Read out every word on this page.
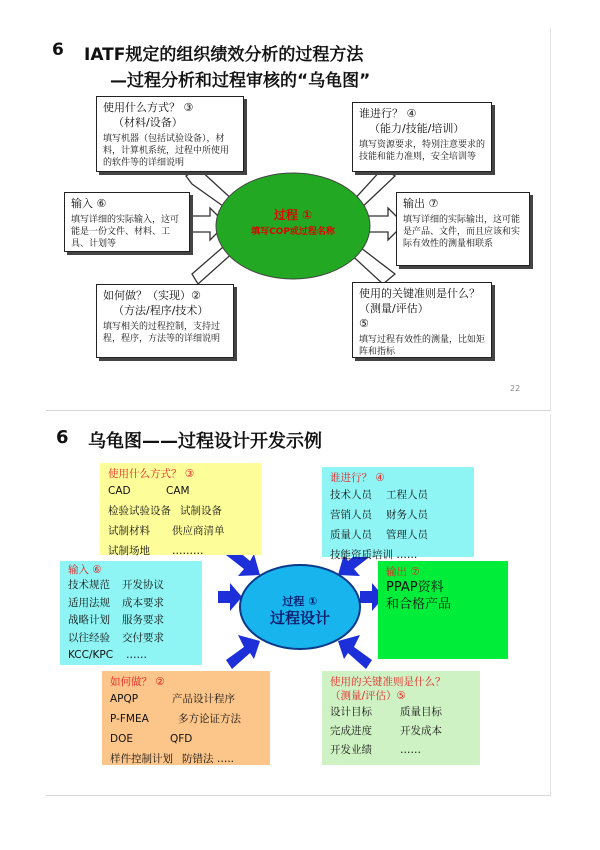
6 IATF规定的组织绩效分析的过程方法
—过程分析和过程审核的“乌龟图”
过程 ①
填写COP或过程名称
使用什么方式？ ③
（材料/设备）
填写机器（包括试验设备），材料，计算机系统，过程中所使用的软件等的详细说明
谁进行？ ④
（能力/技能/培训）
填写资源要求，特别注意要求的技能和能力准则，安全培训等
输入 ⑥
填写详细的实际输入，这可能是一份文件、材料、工具、计划等
输出 ⑦
填写详细的实际输出，这可能是产品、文件，而且应该和实际有效性的测量相联系
如何做？（实现）②
（方法/程序/技术）
填写相关的过程控制，支持过程，程序，方法等的详细说明
使用的关键准则是什么？（测量/评估）
⑤
填写过程有效性的测量，比如矩阵和指标
22
6 乌龟图——过程设计开发示例
过程 ①
过程设计
使用什么方式？ ③
CAD	CAM
检验试验设备 试制设备
试制材料	供应商清单
试制场地	………
谁进行？ ④
技术人员	工程人员
营销人员	财务人员
质量人员	管理人员
技能资质培训 ……
输入 ⑥
技术规范	开发协议
适用法规	成本要求
战略计划	服务要求
以往经验	交付要求
KCC/KPC	……
输出 ⑦
PPAP资料
和合格产品
如何做？ ②
APQP	产品设计程序
P-FMEA	多方论证方法
DOE	QFD
样件控制计划 防错法 …..
使用的关键准则是什么？
（测量/评估）⑤
设计目标	质量目标
完成进度	开发成本
开发业绩	……
